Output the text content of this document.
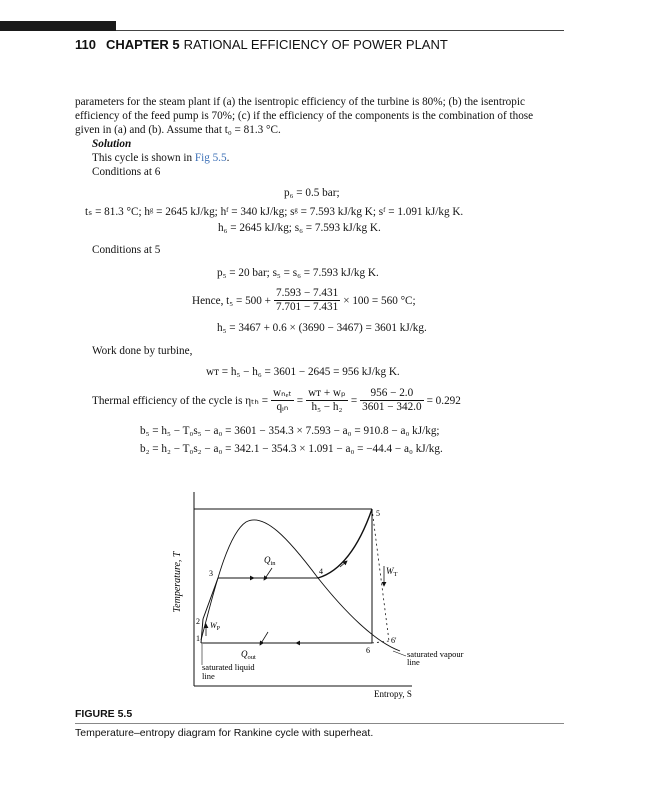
110 CHAPTER 5 RATIONAL EFFICIENCY OF POWER PLANT
parameters for the steam plant if (a) the isentropic efficiency of the turbine is 80%; (b) the isentropic
efficiency of the feed pump is 70%; (c) if the efficiency of the components is the combination of those
given in (a) and (b). Assume that t₀ = 81.3 °C.
Solution
This cycle is shown in Fig 5.5.
Conditions at 6
p₆ = 0.5 bar;
tₛ = 81.3 °C; hᵍ = 2645 kJ/kg; hᶠ = 340 kJ/kg; sᵍ = 7.593 kJ/kg K; sᶠ = 1.091 kJ/kg K.
h₆ = 2645 kJ/kg; s₆ = 7.593 kJ/kg K.
Conditions at 5
p₅ = 20 bar; s₅ = s₆ = 7.593 kJ/kg K.
Hence, $t_5 = 500 + \frac{7.593 - 7.431}{7.701 - 7.431} \times 100 = 560$ °C;
h₅ = 3467 + 0.6 × (3690 − 3467) = 3601 kJ/kg.
Work done by turbine,
wᴛ = h₅ − h₆ = 3601 − 2645 = 956 kJ/kg K.
Thermal efficiency of the cycle is $\eta_{th} = \frac{\text{wₙₑₜ}}{\text{qᵢₙ}} = \frac{\text{wᴛ + wₚ}}{\text{h₅ − h₂}} = \frac{956 - 2.0}{3601 - 342.0} = 0.292$
b₅ = h₅ − T₀s₅ − a₀ = 3601 − 354.3 × 7.593 − a₀ = 910.8 − a₀ kJ/kg;
b₂ = h₂ − T₀s₂ − a₀ = 342.1 − 354.3 × 1.091 − a₀ = −44.4 − a₀ kJ/kg.
Temperature, T
Entropy, S
1
2
3	4
5
6
6'
$Q_{in}$
$W_T$
$W_P$
$Q_{out}$
saturated liquid
line
saturated vapour
line
FIGURE 5.5
Temperature–entropy diagram for Rankine cycle with superheat.
